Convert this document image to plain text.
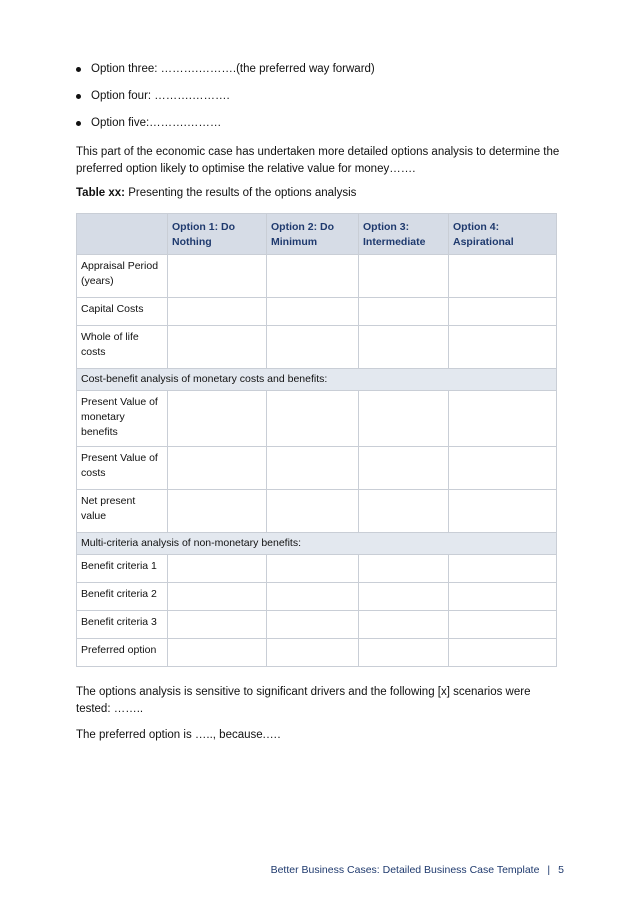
Option three: ……….……….(the preferred way forward)
Option four: ……….……….
Option five:……….………

This part of the economic case has undertaken more detailed options analysis to determine the preferred option likely to optimise the relative value for money…….

Table xx: Presenting the results of the options analysis

	Option 1: Do Nothing	Option 2: Do Minimum	Option 3: Intermediate	Option 4: Aspirational
Appraisal Period (years)				
Capital Costs				
Whole of life costs				
Cost-benefit analysis of monetary costs and benefits:				
Present Value of monetary benefits				
Present Value of costs				
Net present value				
Multi-criteria analysis of non-monetary benefits:				
Benefit criteria 1				
Benefit criteria 2				
Benefit criteria 3				
Preferred option				

The options analysis is sensitive to significant drivers and the following [x] scenarios were tested: ……..

The preferred option is ….., because.….

Better Business Cases: Detailed Business Case Template | 5
